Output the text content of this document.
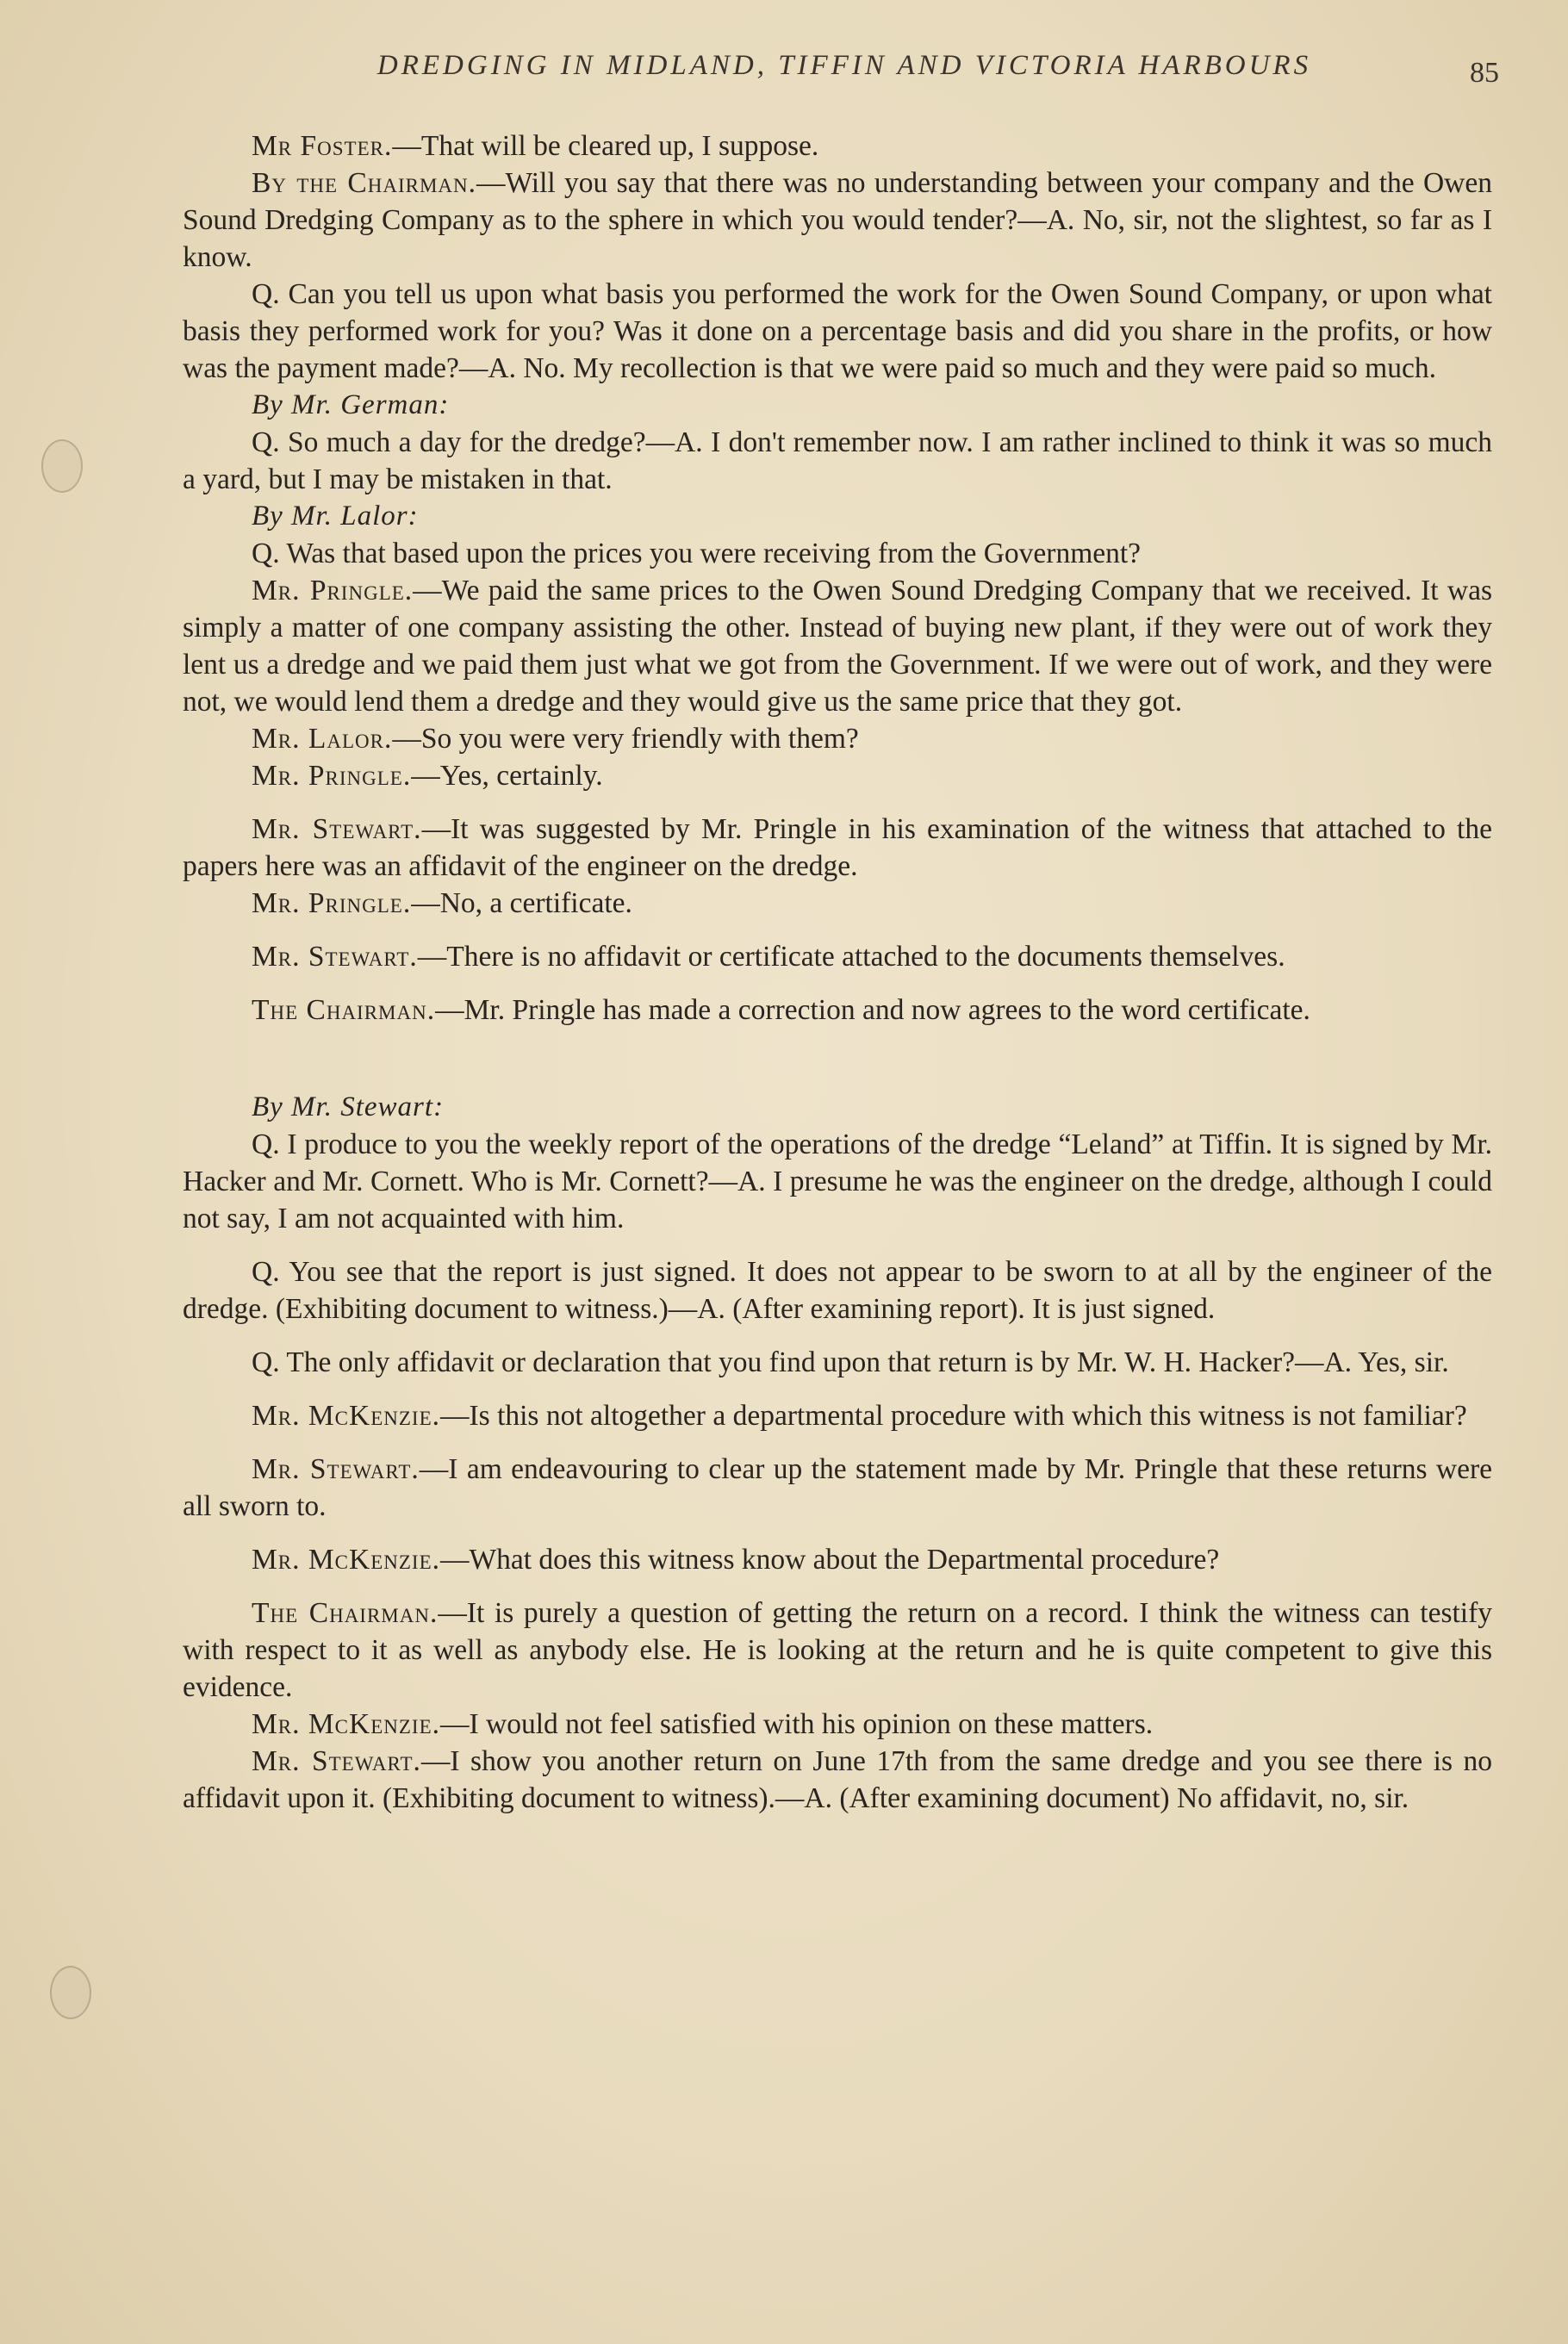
DREDGING IN MIDLAND, TIFFIN AND VICTORIA HARBOURS	85

Mr Foster.—That will be cleared up, I suppose.

By the Chairman.—Will you say that there was no understanding between your company and the Owen Sound Dredging Company as to the sphere in which you would tender?—A. No, sir, not the slightest, so far as I know.

Q. Can you tell us upon what basis you performed the work for the Owen Sound Company, or upon what basis they performed work for you? Was it done on a percentage basis and did you share in the profits, or how was the payment made?—A. No. My recollection is that we were paid so much and they were paid so much.

By Mr. German:

Q. So much a day for the dredge?—A. I don't remember now. I am rather inclined to think it was so much a yard, but I may be mistaken in that.

By Mr. Lalor:

Q. Was that based upon the prices you were receiving from the Government?

Mr. Pringle.—We paid the same prices to the Owen Sound Dredging Company that we received. It was simply a matter of one company assisting the other. Instead of buying new plant, if they were out of work they lent us a dredge and we paid them just what we got from the Government. If we were out of work, and they were not, we would lend them a dredge and they would give us the same price that they got.

Mr. Lalor.—So you were very friendly with them?

Mr. Pringle.—Yes, certainly.

Mr. Stewart.—It was suggested by Mr. Pringle in his examination of the witness that attached to the papers here was an affidavit of the engineer on the dredge.

Mr. Pringle.—No, a certificate.

Mr. Stewart.—There is no affidavit or certificate attached to the documents themselves.

The Chairman.—Mr. Pringle has made a correction and now agrees to the word certificate.

By Mr. Stewart:

Q. I produce to you the weekly report of the operations of the dredge “Leland” at Tiffin. It is signed by Mr. Hacker and Mr. Cornett. Who is Mr. Cornett?—A. I presume he was the engineer on the dredge, although I could not say, I am not acquainted with him.

Q. You see that the report is just signed. It does not appear to be sworn to at all by the engineer of the dredge. (Exhibiting document to witness.)—A. (After examining report). It is just signed.

Q. The only affidavit or declaration that you find upon that return is by Mr. W. H. Hacker?—A. Yes, sir.

Mr. McKenzie.—Is this not altogether a departmental procedure with which this witness is not familiar?

Mr. Stewart.—I am endeavouring to clear up the statement made by Mr. Pringle that these returns were all sworn to.

Mr. McKenzie.—What does this witness know about the Departmental procedure?

The Chairman.—It is purely a question of getting the return on a record. I think the witness can testify with respect to it as well as anybody else. He is looking at the return and he is quite competent to give this evidence.

Mr. McKenzie.—I would not feel satisfied with his opinion on these matters.

Mr. Stewart.—I show you another return on June 17th from the same dredge and you see there is no affidavit upon it. (Exhibiting document to witness).—A. (After examining document) No affidavit, no, sir.
